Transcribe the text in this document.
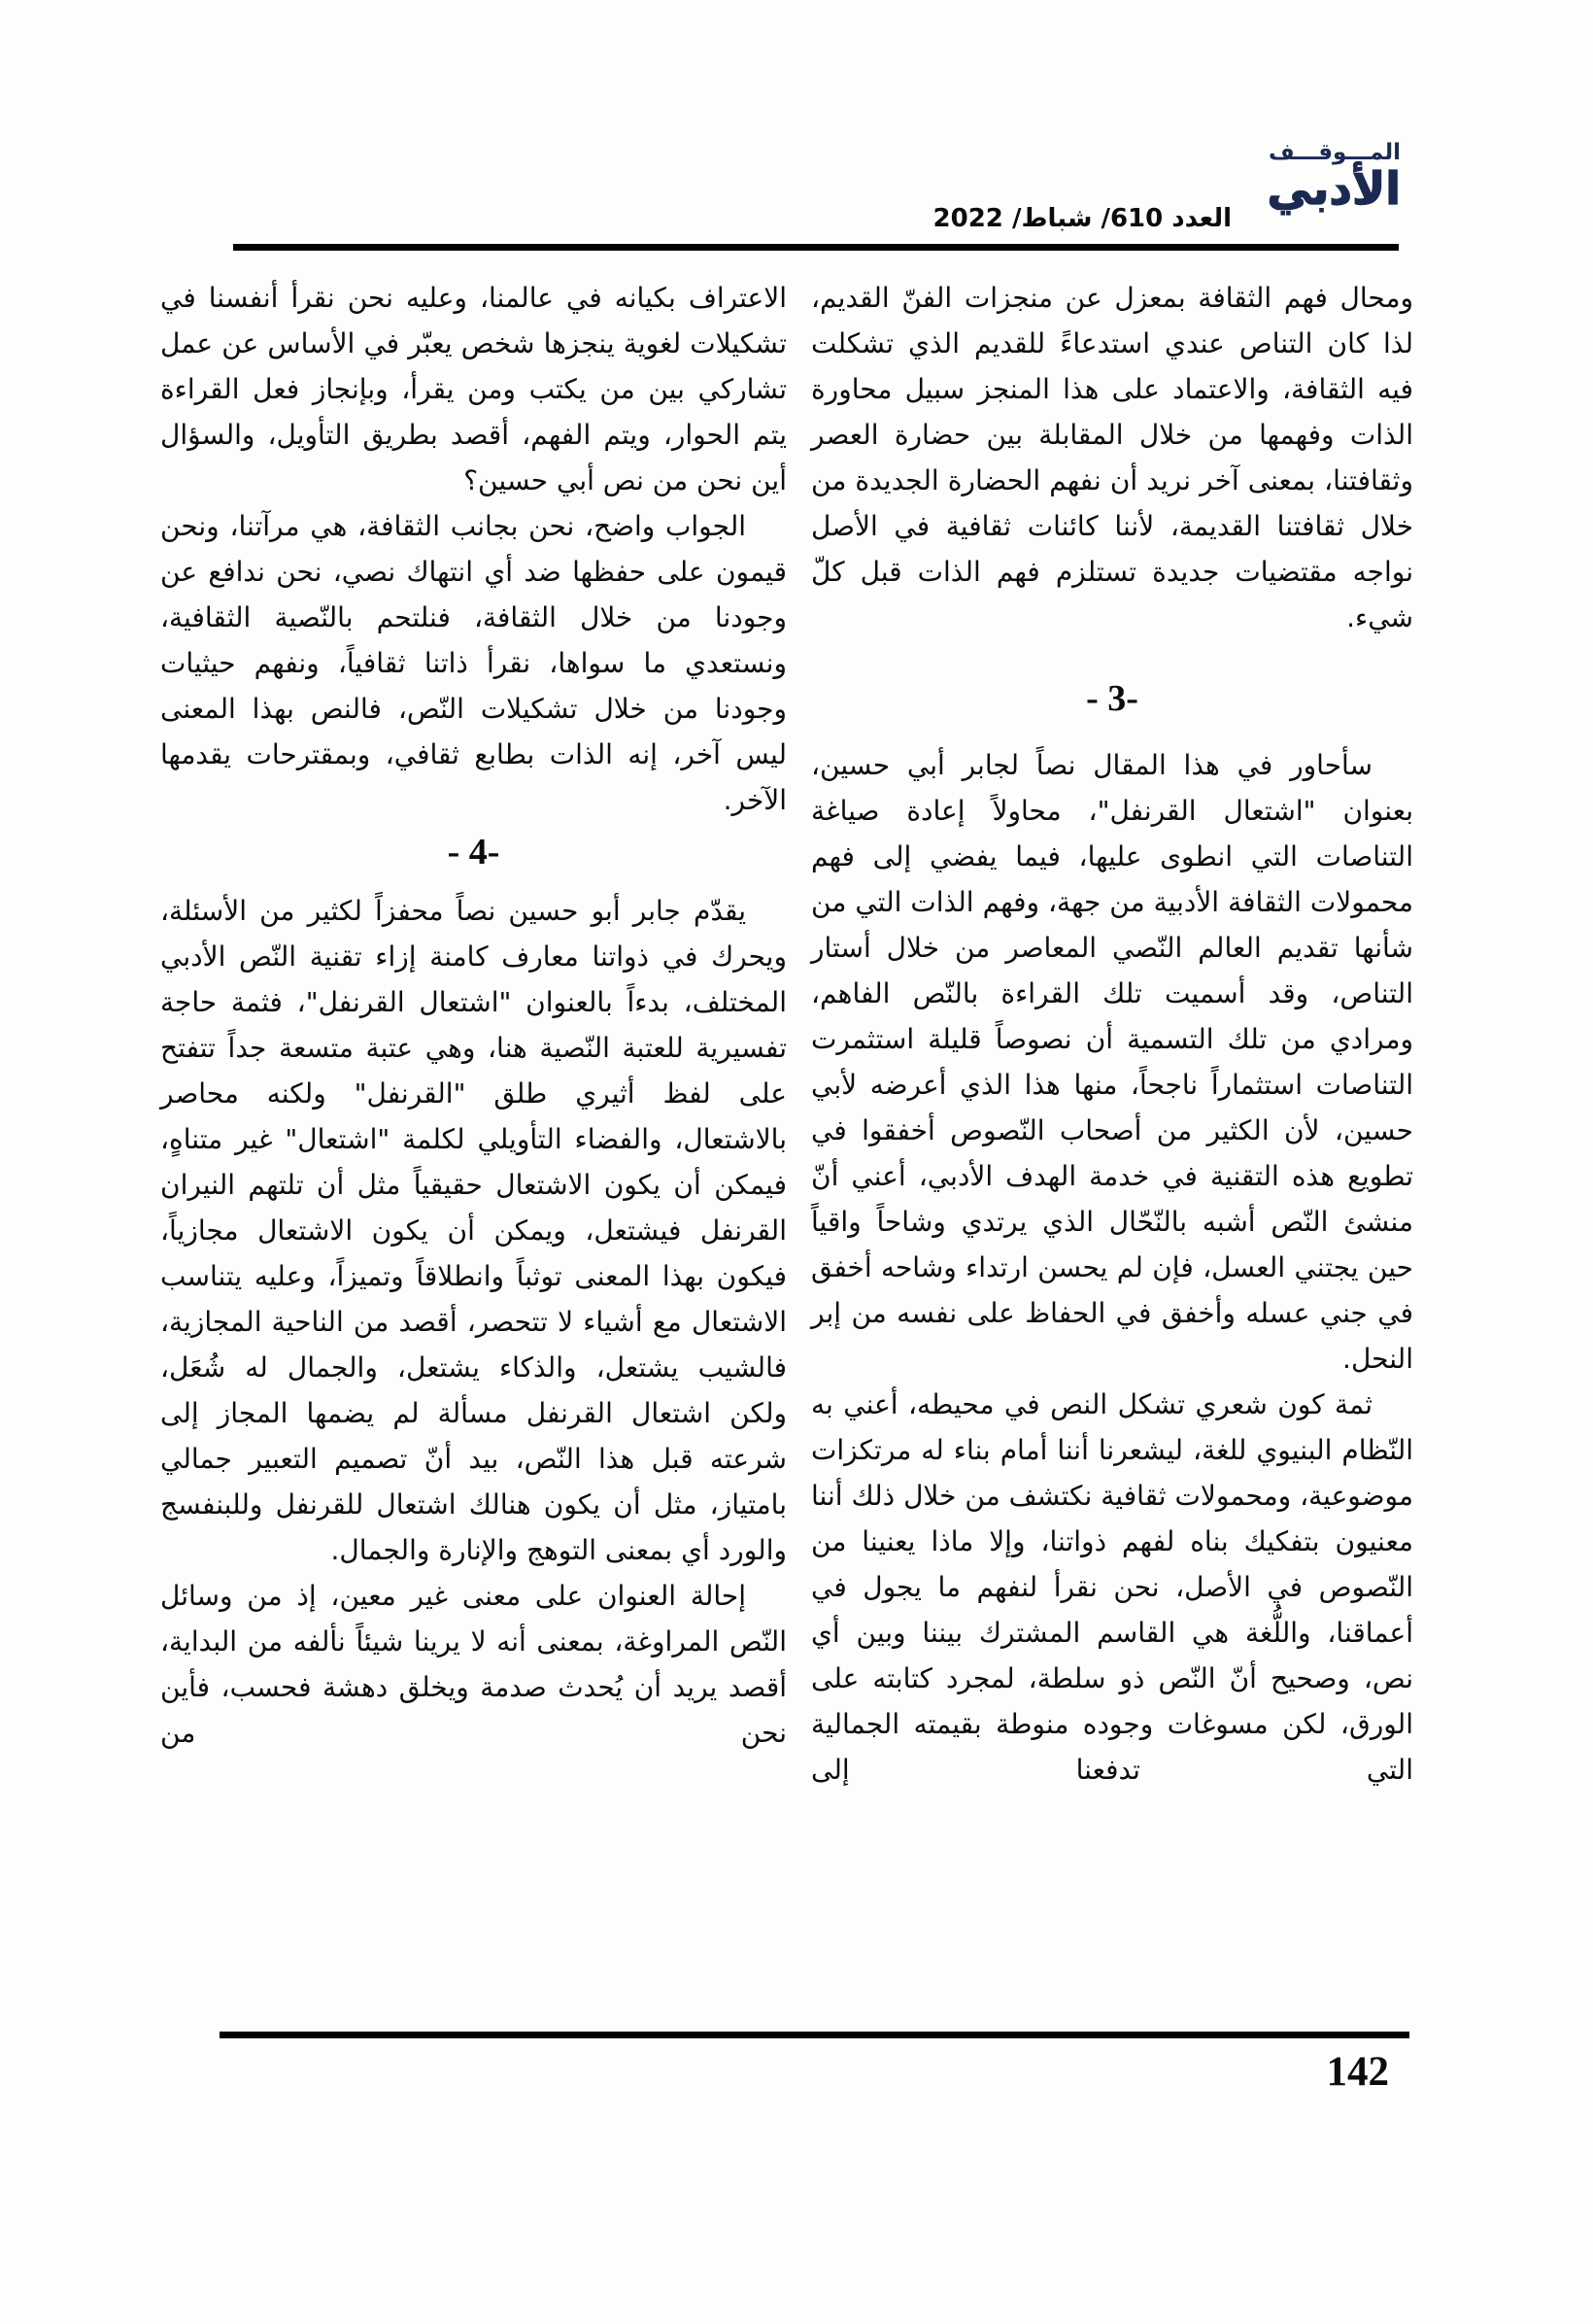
المـــوقـــف
الأدبي
العدد 610/ شباط/ 2022

ومحال فهم الثقافة بمعزل عن منجزات الفنّ القديم، لذا كان التناص عندي استدعاءً للقديم الذي تشكلت فيه الثقافة، والاعتماد على هذا المنجز سبيل محاورة الذات وفهمها من خلال المقابلة بين حضارة العصر وثقافتنا، بمعنى آخر نريد أن نفهم الحضارة الجديدة من خلال ثقافتنا القديمة، لأننا كائنات ثقافية في الأصل نواجه مقتضيات جديدة تستلزم فهم الذات قبل كلّ شيء.

- 3-

سأحاور في هذا المقال نصاً لجابر أبي حسين، بعنوان "اشتعال القرنفل"، محاولاً إعادة صياغة التناصات التي انطوى عليها، فيما يفضي إلى فهم محمولات الثقافة الأدبية من جهة، وفهم الذات التي من شأنها تقديم العالم النّصي المعاصر من خلال أستار التناص، وقد أسميت تلك القراءة بالنّص الفاهم، ومرادي من تلك التسمية أن نصوصاً قليلة استثمرت التناصات استثماراً ناجحاً، منها هذا الذي أعرضه لأبي حسين، لأن الكثير من أصحاب النّصوص أخفقوا في تطويع هذه التقنية في خدمة الهدف الأدبي، أعني أنّ منشئ النّص أشبه بالنّحّال الذي يرتدي وشاحاً واقياً حين يجتني العسل، فإن لم يحسن ارتداء وشاحه أخفق في جني عسله وأخفق في الحفاظ على نفسه من إبر النحل.

ثمة كون شعري تشكل النص في محيطه، أعني به النّظام البنيوي للغة، ليشعرنا أننا أمام بناء له مرتكزات موضوعية، ومحمولات ثقافية نكتشف من خلال ذلك أننا معنيون بتفكيك بناه لفهم ذواتنا، وإلا ماذا يعنينا من النّصوص في الأصل، نحن نقرأ لنفهم ما يجول في أعماقنا، واللُّغة هي القاسم المشترك بيننا وبين أي نص، وصحيح أنّ النّص ذو سلطة، لمجرد كتابته على الورق، لكن مسوغات وجوده منوطة بقيمته الجمالية التي تدفعنا إلى

الاعتراف بكيانه في عالمنا، وعليه نحن نقرأ أنفسنا في تشكيلات لغوية ينجزها شخص يعبّر في الأساس عن عمل تشاركي بين من يكتب ومن يقرأ، وبإنجاز فعل القراءة يتم الحوار، ويتم الفهم، أقصد بطريق التأويل، والسؤال أين نحن من نص أبي حسين؟

الجواب واضح، نحن بجانب الثقافة، هي مرآتنا، ونحن قيمون على حفظها ضد أي انتهاك نصي، نحن ندافع عن وجودنا من خلال الثقافة، فنلتحم بالنّصية الثقافية، ونستعدي ما سواها، نقرأ ذاتنا ثقافياً، ونفهم حيثيات وجودنا من خلال تشكيلات النّص، فالنص بهذا المعنى ليس آخر، إنه الذات بطابع ثقافي، وبمقترحات يقدمها الآخر.

- 4-

يقدّم جابر أبو حسين نصاً محفزاً لكثير من الأسئلة، ويحرك في ذواتنا معارف كامنة إزاء تقنية النّص الأدبي المختلف، بدءاً بالعنوان "اشتعال القرنفل"، فثمة حاجة تفسيرية للعتبة النّصية هنا، وهي عتبة متسعة جداً تتفتح على لفظ أثيري طلق "القرنفل" ولكنه محاصر بالاشتعال، والفضاء التأويلي لكلمة "اشتعال" غير متناهٍ، فيمكن أن يكون الاشتعال حقيقياً مثل أن تلتهم النيران القرنفل فيشتعل، ويمكن أن يكون الاشتعال مجازياً، فيكون بهذا المعنى توثباً وانطلاقاً وتميزاً، وعليه يتناسب الاشتعال مع أشياء لا تتحصر، أقصد من الناحية المجازية، فالشيب يشتعل، والذكاء يشتعل، والجمال له شُعَل، ولكن اشتعال القرنفل مسألة لم يضمها المجاز إلى شرعته قبل هذا النّص، بيد أنّ تصميم التعبير جمالي بامتياز، مثل أن يكون هنالك اشتعال للقرنفل وللبنفسج والورد أي بمعنى التوهج والإنارة والجمال.

إحالة العنوان على معنى غير معين، إذ من وسائل النّص المراوغة، بمعنى أنه لا يرينا شيئاً نألفه من البداية، أقصد يريد أن يُحدث صدمة ويخلق دهشة فحسب، فأين نحن من

142
